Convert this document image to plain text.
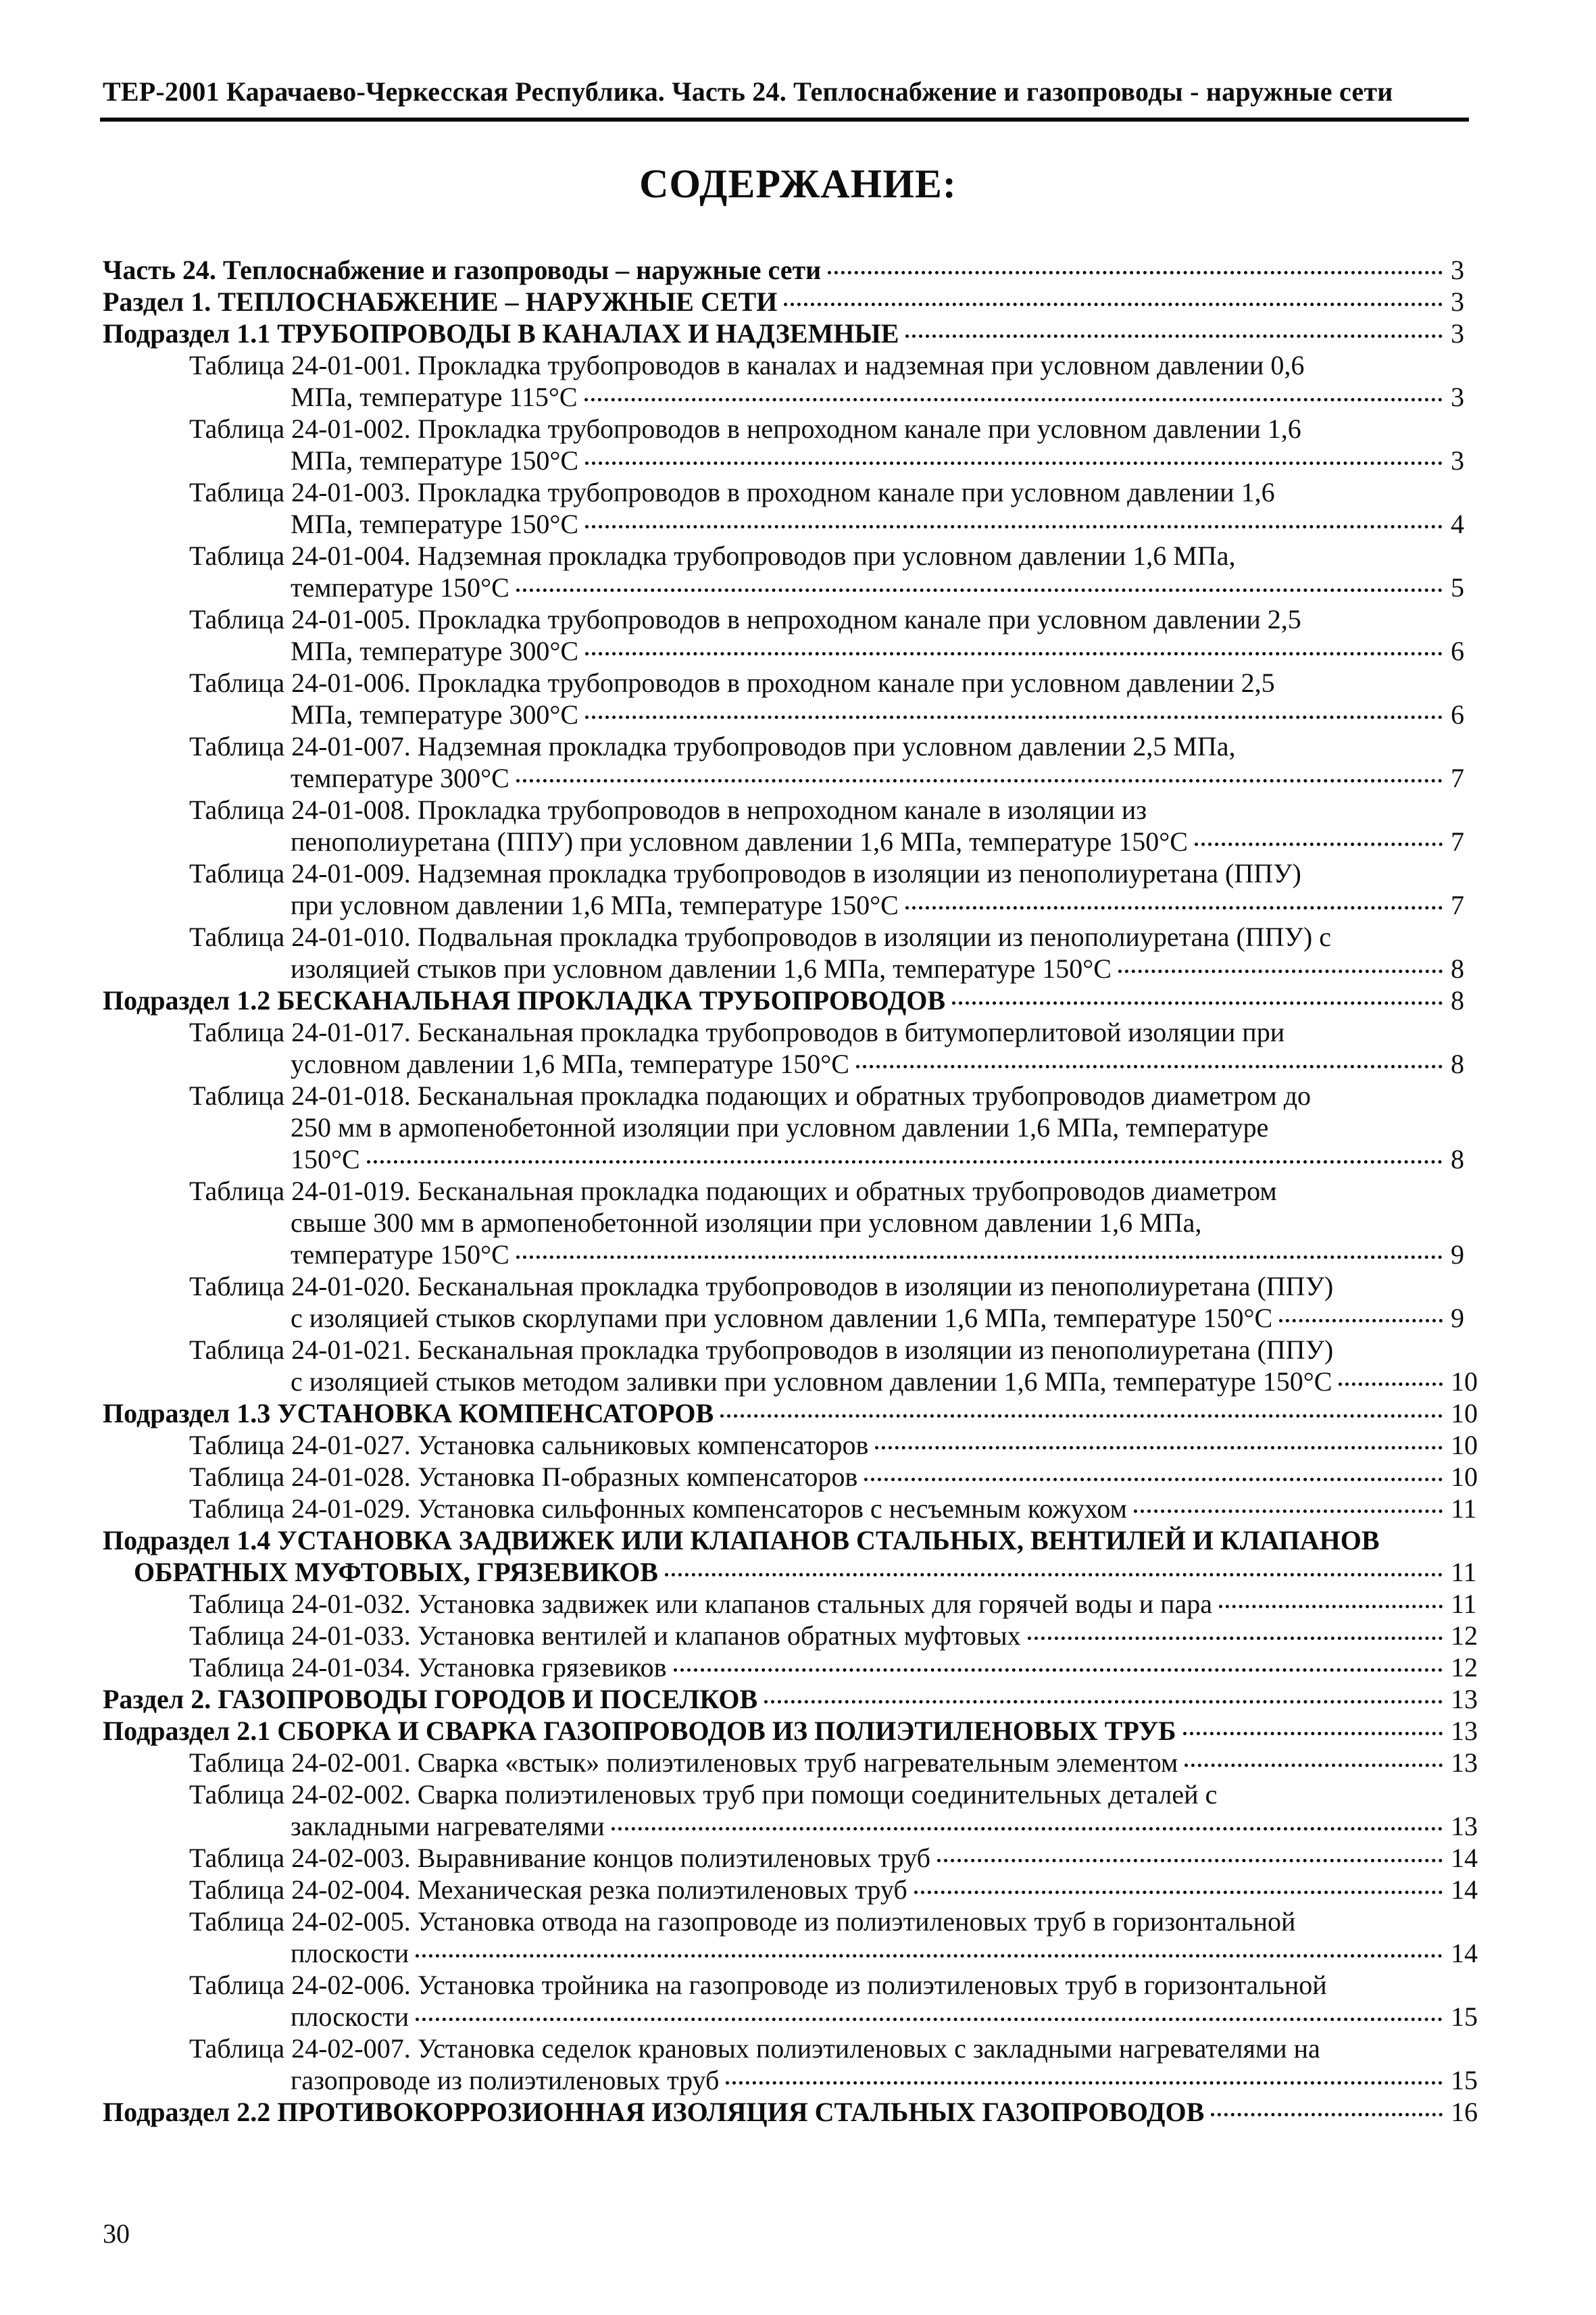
ТЕР-2001 Карачаево-Черкесская Республика. Часть 24. Теплоснабжение и газопроводы - наружные сети
СОДЕРЖАНИЕ:
Часть 24. Теплоснабжение и газопроводы – наружные сети	3
Раздел 1. ТЕПЛОСНАБЖЕНИЕ – НАРУЖНЫЕ СЕТИ	3
Подраздел 1.1 ТРУБОПРОВОДЫ В КАНАЛАХ И НАДЗЕМНЫЕ	3
Таблица 24-01-001. Прокладка трубопроводов в каналах и надземная при условном давлении 0,6
МПа, температуре 115°С	3
Таблица 24-01-002. Прокладка трубопроводов в непроходном канале при условном давлении 1,6
МПа, температуре 150°С	3
Таблица 24-01-003. Прокладка трубопроводов в проходном канале при условном давлении 1,6
МПа, температуре 150°С	4
Таблица 24-01-004. Надземная прокладка трубопроводов при условном давлении 1,6 МПа,
температуре 150°С	5
Таблица 24-01-005. Прокладка трубопроводов в непроходном канале при условном давлении 2,5
МПа, температуре 300°С	6
Таблица 24-01-006. Прокладка трубопроводов в проходном канале при условном давлении 2,5
МПа, температуре 300°С	6
Таблица 24-01-007. Надземная прокладка трубопроводов при условном давлении 2,5 МПа,
температуре 300°С	7
Таблица 24-01-008. Прокладка трубопроводов в непроходном канале в изоляции из
пенополиуретана (ППУ) при условном давлении 1,6 МПа, температуре 150°С	7
Таблица 24-01-009. Надземная прокладка трубопроводов в изоляции из пенополиуретана (ППУ)
при условном давлении 1,6 МПа, температуре 150°С	7
Таблица 24-01-010. Подвальная прокладка трубопроводов в изоляции из пенополиуретана (ППУ) с
изоляцией стыков при условном давлении 1,6 МПа, температуре 150°С	8
Подраздел 1.2 БЕСКАНАЛЬНАЯ ПРОКЛАДКА ТРУБОПРОВОДОВ	8
Таблица 24-01-017. Бесканальная прокладка трубопроводов в битумоперлитовой изоляции при
условном давлении 1,6 МПа, температуре 150°С	8
Таблица 24-01-018. Бесканальная прокладка подающих и обратных трубопроводов диаметром до
250 мм в армопенобетонной изоляции при условном давлении 1,6 МПа, температуре
150°С	8
Таблица 24-01-019. Бесканальная прокладка подающих и обратных трубопроводов диаметром
свыше 300 мм в армопенобетонной изоляции при условном давлении 1,6 МПа,
температуре 150°С	9
Таблица 24-01-020. Бесканальная прокладка трубопроводов в изоляции из пенополиуретана (ППУ)
с изоляцией стыков скорлупами при условном давлении 1,6 МПа, температуре 150°С	9
Таблица 24-01-021. Бесканальная прокладка трубопроводов в изоляции из пенополиуретана (ППУ)
с изоляцией стыков методом заливки при условном давлении 1,6 МПа, температуре 150°С	10
Подраздел 1.3 УСТАНОВКА КОМПЕНСАТОРОВ	10
Таблица 24-01-027. Установка сальниковых компенсаторов	10
Таблица 24-01-028. Установка П-образных компенсаторов	10
Таблица 24-01-029. Установка сильфонных компенсаторов с несъемным кожухом	11
Подраздел 1.4 УСТАНОВКА ЗАДВИЖЕК ИЛИ КЛАПАНОВ СТАЛЬНЫХ, ВЕНТИЛЕЙ И КЛАПАНОВ
ОБРАТНЫХ МУФТОВЫХ, ГРЯЗЕВИКОВ	11
Таблица 24-01-032. Установка задвижек или клапанов стальных для горячей воды и пара	11
Таблица 24-01-033. Установка вентилей и клапанов обратных муфтовых	12
Таблица 24-01-034. Установка грязевиков	12
Раздел 2. ГАЗОПРОВОДЫ ГОРОДОВ И ПОСЕЛКОВ	13
Подраздел 2.1 СБОРКА И СВАРКА ГАЗОПРОВОДОВ ИЗ ПОЛИЭТИЛЕНОВЫХ ТРУБ	13
Таблица 24-02-001. Сварка «встык» полиэтиленовых труб нагревательным элементом	13
Таблица 24-02-002. Сварка полиэтиленовых труб при помощи соединительных деталей с
закладными нагревателями	13
Таблица 24-02-003. Выравнивание концов полиэтиленовых труб	14
Таблица 24-02-004. Механическая резка полиэтиленовых труб	14
Таблица 24-02-005. Установка отвода на газопроводе из полиэтиленовых труб в горизонтальной
плоскости	14
Таблица 24-02-006. Установка тройника на газопроводе из полиэтиленовых труб в горизонтальной
плоскости	15
Таблица 24-02-007. Установка седелок крановых полиэтиленовых с закладными нагревателями на
газопроводе из полиэтиленовых труб	15
Подраздел 2.2 ПРОТИВОКОРРОЗИОННАЯ ИЗОЛЯЦИЯ СТАЛЬНЫХ ГАЗОПРОВОДОВ	16
30
